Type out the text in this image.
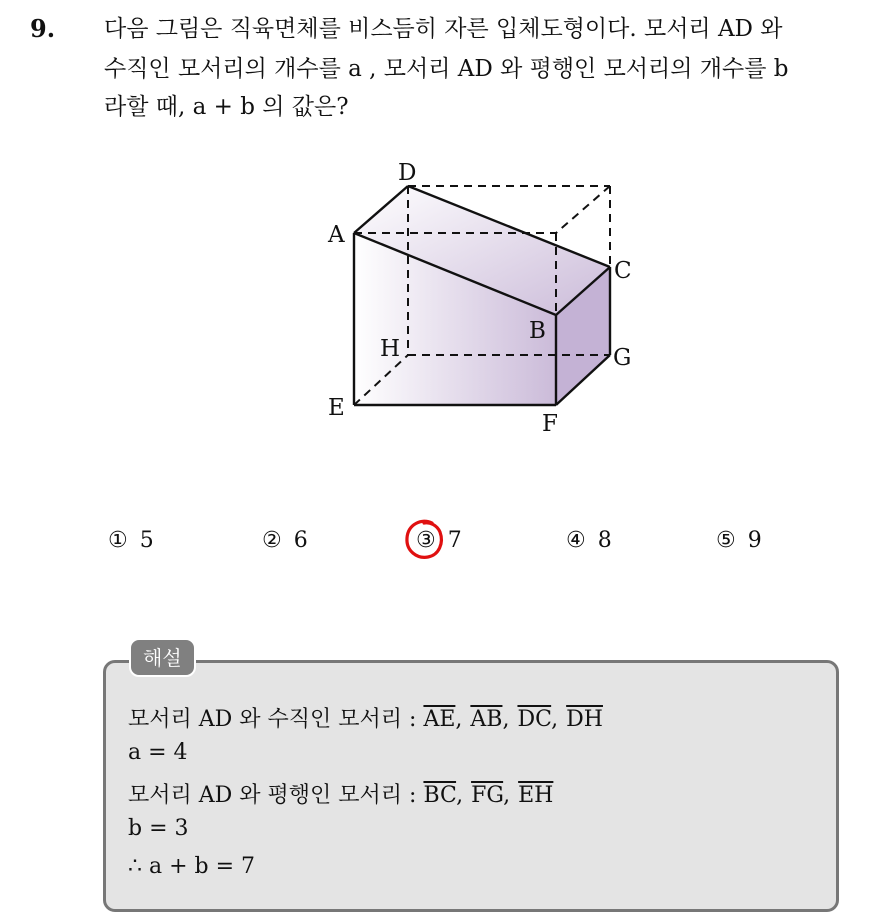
9. 다음 그림은 직육면체를 비스듬히 자른 입체도형이다. 모서리 AD 와
수직인 모서리의 개수를 a , 모서리 AD 와 평행인 모서리의 개수를 b
라할 때, a + b 의 값은?
D
A
C
B
H	G
E
F
① 5	② 6	③ 7	④ 8	⑤ 9
해설
모서리 AD 와 수직인 모서리 : $\overline{AE}$, $\overline{AB}$, $\overline{DC}$, $\overline{DH}$
a = 4
모서리 AD 와 평행인 모서리 : $\overline{BC}$, $\overline{FG}$, $\overline{EH}$
b = 3
∴ a + b = 7
